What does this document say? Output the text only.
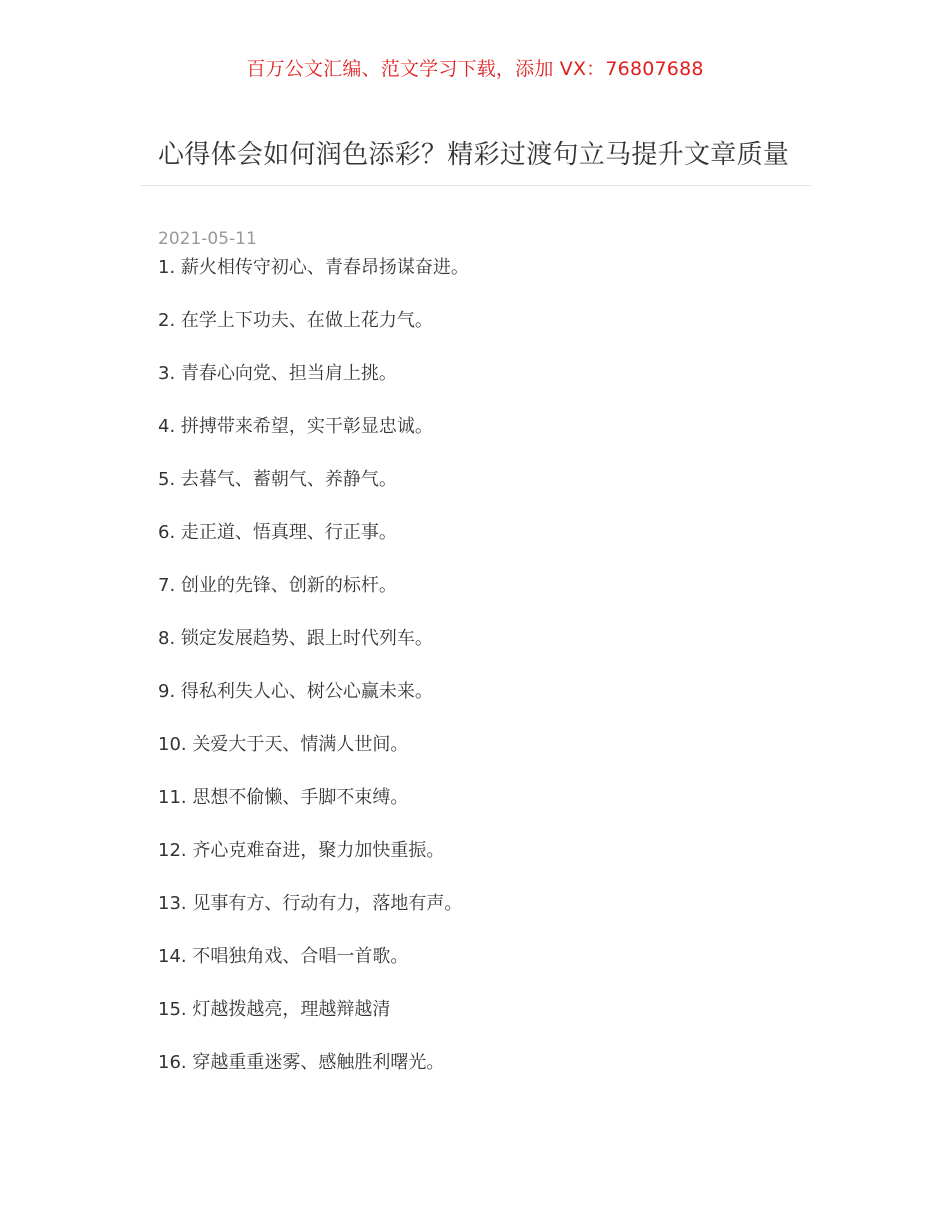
百万公文汇编、范文学习下载，添加 VX：76807688
心得体会如何润色添彩？精彩过渡句立马提升文章质量
2021-05-11
1. 薪火相传守初心、青春昂扬谋奋进。
2. 在学上下功夫、在做上花力气。
3. 青春心向党、担当肩上挑。
4. 拼搏带来希望，实干彰显忠诚。
5. 去暮气、蓄朝气、养静气。
6. 走正道、悟真理、行正事。
7. 创业的先锋、创新的标杆。
8. 锁定发展趋势、跟上时代列车。
9. 得私利失人心、树公心赢未来。
10. 关爱大于天、情满人世间。
11. 思想不偷懒、手脚不束缚。
12. 齐心克难奋进，聚力加快重振。
13. 见事有方、行动有力，落地有声。
14. 不唱独角戏、合唱一首歌。
15. 灯越拨越亮，理越辩越清
16. 穿越重重迷雾、感触胜利曙光。
